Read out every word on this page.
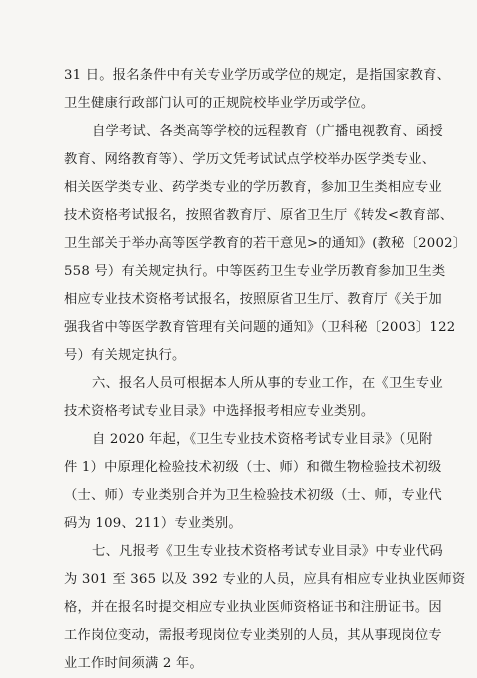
31 日。报名条件中有关专业学历或学位的规定，是指国家教育、
卫生健康行政部门认可的正规院校毕业学历或学位。
自学考试、各类高等学校的远程教育（广播电视教育、函授
教育、网络教育等）、学历文凭考试试点学校举办医学类专业、
相关医学类专业、药学类专业的学历教育，参加卫生类相应专业
技术资格考试报名，按照省教育厅、原省卫生厅《转发<教育部、
卫生部关于举办高等医学教育的若干意见>的通知》(教秘〔2002〕
558 号）有关规定执行。中等医药卫生专业学历教育参加卫生类
相应专业技术资格考试报名，按照原省卫生厅、教育厅《关于加
强我省中等医学教育管理有关问题的通知》（卫科秘〔2003〕122
号）有关规定执行。
六、报名人员可根据本人所从事的专业工作，在《卫生专业
技术资格考试专业目录》中选择报考相应专业类别。
自 2020 年起，《卫生专业技术资格考试专业目录》（见附
件 1）中原理化检验技术初级（士、师）和微生物检验技术初级
（士、师）专业类别合并为卫生检验技术初级（士、师，专业代
码为 109、211）专业类别。
七、凡报考《卫生专业技术资格考试专业目录》中专业代码
为 301 至 365 以及 392 专业的人员，应具有相应专业执业医师资
格，并在报名时提交相应专业执业医师资格证书和注册证书。因
工作岗位变动，需报考现岗位专业类别的人员，其从事现岗位专
业工作时间须满 2 年。
